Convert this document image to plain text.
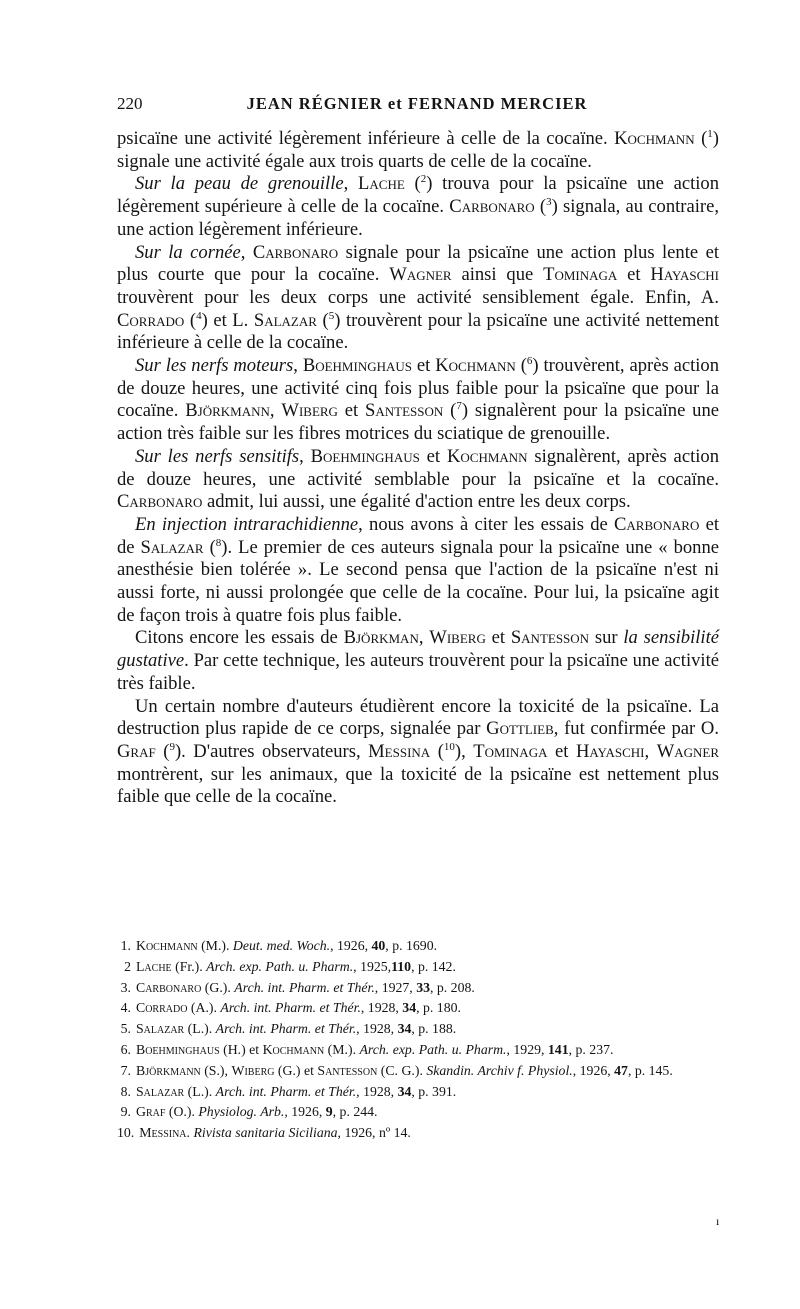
220	JEAN RÉGNIER et FERNAND MERCIER

psicaïne une activité légèrement inférieure à celle de la cocaïne. Kochmann ($^1$) signale une activité égale aux trois quarts de celle de la cocaïne.

Sur la peau de grenouille, Lache ($^2$) trouva pour la psicaïne une action légèrement supérieure à celle de la cocaïne. Carbonaro ($^3$) signala, au contraire, une action légèrement inférieure.

Sur la cornée, Carbonaro signale pour la psicaïne une action plus lente et plus courte que pour la cocaïne. Wagner ainsi que Tominaga et Hayaschi trouvèrent pour les deux corps une activité sensiblement égale. Enfin, A. Corrado ($^4$) et L. Salazar ($^5$) trouvèrent pour la psicaïne une activité nettement inférieure à celle de la cocaïne.

Sur les nerfs moteurs, Boehminghaus et Kochmann ($^6$) trouvèrent, après action de douze heures, une activité cinq fois plus faible pour la psicaïne que pour la cocaïne. Björkmann, Wiberg et Santesson ($^7$) signalèrent pour la psicaïne une action très faible sur les fibres motrices du sciatique de grenouille.

Sur les nerfs sensitifs, Boehminghaus et Kochmann signalèrent, après action de douze heures, une activité semblable pour la psicaïne et la cocaïne. Carbonaro admit, lui aussi, une égalité d'action entre les deux corps.

En injection intrarachidienne, nous avons à citer les essais de Carbonaro et de Salazar ($^8$). Le premier de ces auteurs signala pour la psicaïne une « bonne anesthésie bien tolérée ». Le second pensa que l'action de la psicaïne n'est ni aussi forte, ni aussi prolongée que celle de la cocaïne. Pour lui, la psicaïne agit de façon trois à quatre fois plus faible.

Citons encore les essais de Björkman, Wiberg et Santesson sur la sensibilité gustative. Par cette technique, les auteurs trouvèrent pour la psicaïne une activité très faible.

Un certain nombre d'auteurs étudièrent encore la toxicité de la psicaïne. La destruction plus rapide de ce corps, signalée par Gottlieb, fut confirmée par O. Graf ($^9$). D'autres observateurs, Messina ($^{10}$), Tominaga et Hayaschi, Wagner montrèrent, sur les animaux, que la toxicité de la psicaïne est nettement plus faible que celle de la cocaïne.

1. Kochmann (M.). Deut. med. Woch., 1926, 40, p. 1690.

2 Lache (Fr.). Arch. exp. Path. u. Pharm., 1925,110, p. 142.

3. Carbonaro (G.). Arch. int. Pharm. et Thér., 1927, 33, p. 208.

4. Corrado (A.). Arch. int. Pharm. et Thér., 1928, 34, p. 180.

5. Salazar (L.). Arch. int. Pharm. et Thér., 1928, 34, p. 188.

6. Boehminghaus (H.) et Kochmann (M.). Arch. exp. Path. u. Pharm., 1929, 141, p. 237.

7. Björkmann (S.), Wiberg (G.) et Santesson (C. G.). Skandin. Archiv f. Physiol., 1926, 47, p. 145.

8. Salazar (L.). Arch. int. Pharm. et Thér., 1928, 34, p. 391.

9. Graf (O.). Physiolog. Arb., 1926, 9, p. 244.

10. Messina. Rivista sanitaria Siciliana, 1926, nº 14.

ı
